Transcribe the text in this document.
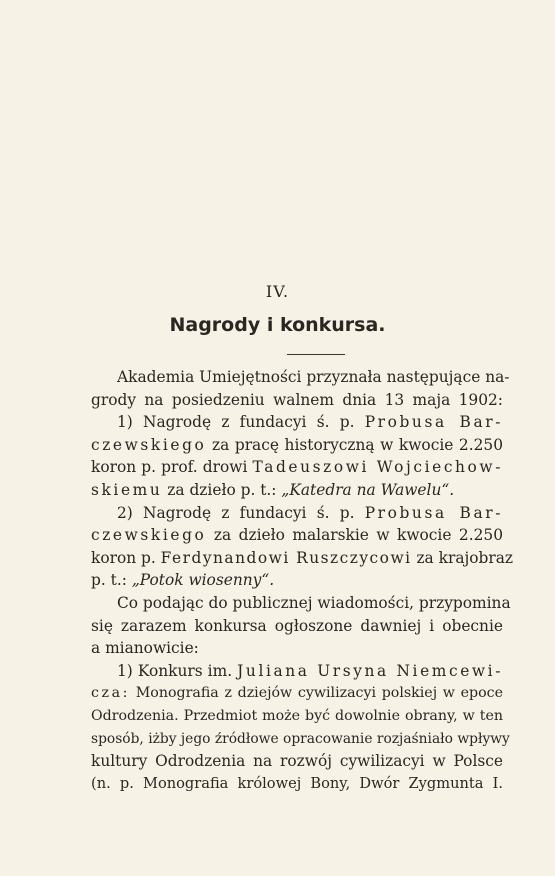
IV.
Nagrody i konkursa.
Akademia Umiejętności przyznała następujące na-
grody na posiedzeniu walnem dnia 13 maja 1902:
1) Nagrodę z fundacyi ś. p. Probusa Bar-
czewskiego za pracę historyczną w kwocie 2.250
koron p. prof. drowi Tadeuszowi Wojciechow-
skiemu za dzieło p. t.: „Katedra na Wawelu“.
2) Nagrodę z fundacyi ś. p. Probusa Bar-
czewskiego za dzieło malarskie w kwocie 2.250
koron p. Ferdynandowi Ruszczycowi za krajobraz
p. t.: „Potok wiosenny“.
Co podając do publicznej wiadomości, przypomina
się zarazem konkursa ogłoszone dawniej i obecnie
a mianowicie:
1) Konkurs im. Juliana Ursyna Niemcewi-
cza: Monografia z dziejów cywilizacyi polskiej w epoce
Odrodzenia. Przedmiot może być dowolnie obrany, w ten
sposób, iżby jego źródłowe opracowanie rozjaśniało wpływy
kultury Odrodzenia na rozwój cywilizacyi w Polsce
(n. p. Monografia królowej Bony, Dwór Zygmunta I.
